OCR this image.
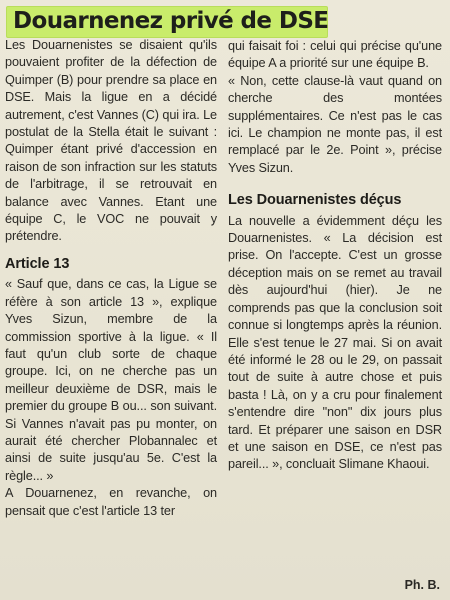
Douarnenez privé de DSE

Les Douarnenistes se disaient qu'ils pouvaient profiter de la défection de Quimper (B) pour prendre sa place en DSE. Mais la ligue en a décidé autrement, c'est Vannes (C) qui ira. Le postulat de la Stella était le suivant : Quimper étant privé d'accession en raison de son infraction sur les statuts de l'arbitrage, il se retrouvait en balance avec Vannes. Etant une équipe C, le VOC ne pouvait y prétendre.

Article 13

« Sauf que, dans ce cas, la Ligue se réfère à son article 13 », explique Yves Sizun, membre de la commission sportive à la ligue. « Il faut qu'un club sorte de chaque groupe. Ici, on ne cherche pas un meilleur deuxième de DSR, mais le premier du groupe B ou... son suivant. Si Vannes n'avait pas pu monter, on aurait été chercher Plobannalec et ainsi de suite jusqu'au 5e. C'est la règle... »

A Douarnenez, en revanche, on pensait que c'est l'article 13 ter

qui faisait foi : celui qui précise qu'une équipe A a priorité sur une équipe B.

« Non, cette clause-là vaut quand on cherche des montées supplémentaires. Ce n'est pas le cas ici. Le champion ne monte pas, il est remplacé par le 2e. Point », précise Yves Sizun.

Les Douarnenistes déçus

La nouvelle a évidemment déçu les Douarnenistes. « La décision est prise. On l'accepte. C'est un grosse déception mais on se remet au travail dès aujourd'hui (hier). Je ne comprends pas que la conclusion soit connue si longtemps après la réunion. Elle s'est tenue le 27 mai. Si on avait été informé le 28 ou le 29, on passait tout de suite à autre chose et puis basta ! Là, on y a cru pour finalement s'entendre dire "non" dix jours plus tard. Et préparer une saison en DSR et une saison en DSE, ce n'est pas pareil... », concluait Slimane Khaoui.

Ph. B.
